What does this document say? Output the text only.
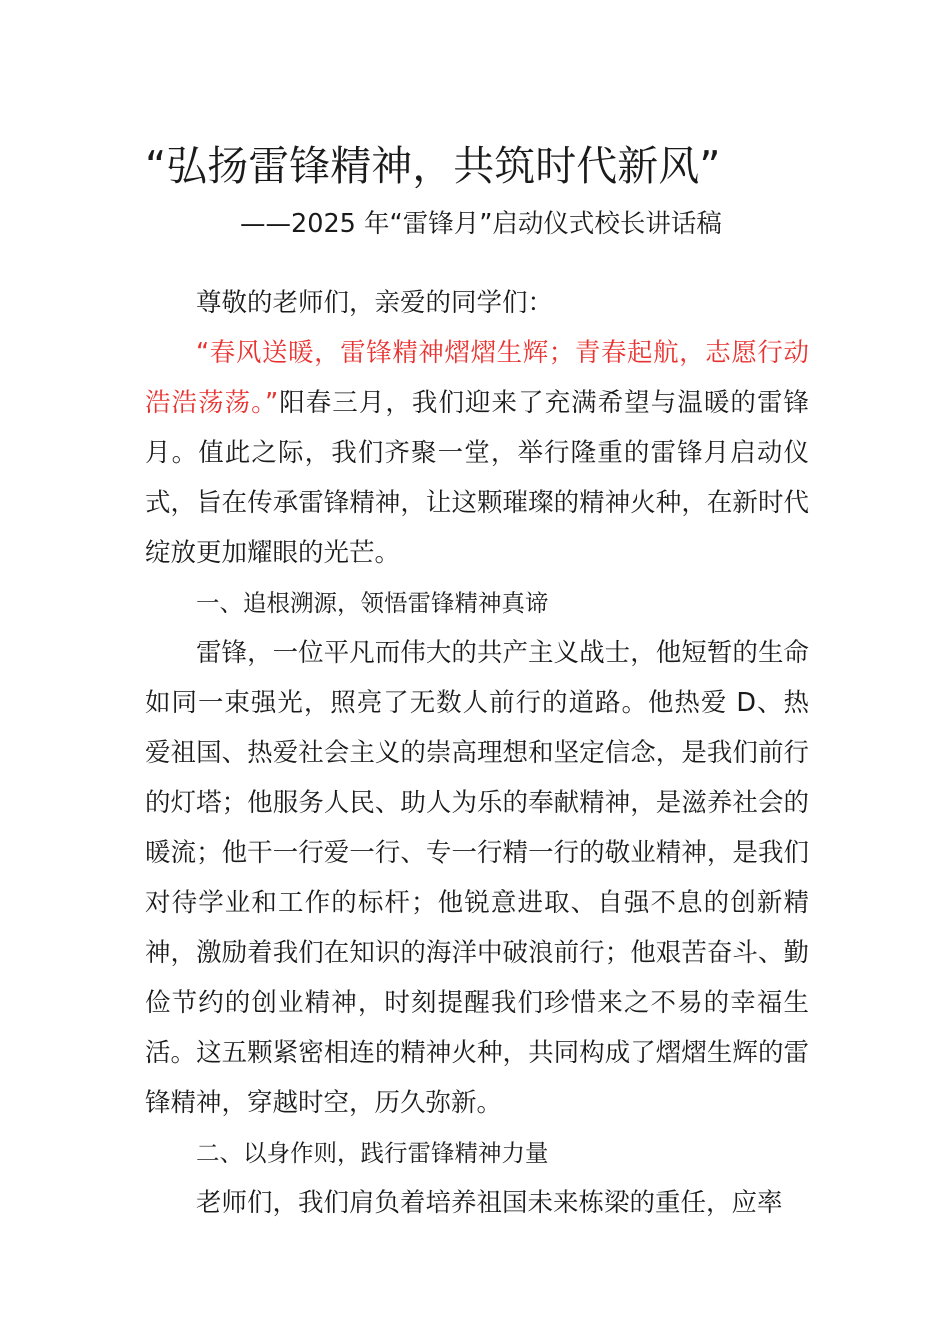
“弘扬雷锋精神，共筑时代新风”
——2025 年“雷锋月”启动仪式校长讲话稿

尊敬的老师们，亲爱的同学们：

“春风送暖，雷锋精神熠熠生辉；青春起航，志愿行动浩浩荡荡。”阳春三月，我们迎来了充满希望与温暖的雷锋月。值此之际，我们齐聚一堂，举行隆重的雷锋月启动仪式，旨在传承雷锋精神，让这颗璀璨的精神火种，在新时代绽放更加耀眼的光芒。

一、追根溯源，领悟雷锋精神真谛

雷锋，一位平凡而伟大的共产主义战士，他短暂的生命如同一束强光，照亮了无数人前行的道路。他热爱 D、热爱祖国、热爱社会主义的崇高理想和坚定信念，是我们前行的灯塔；他服务人民、助人为乐的奉献精神，是滋养社会的暖流；他干一行爱一行、专一行精一行的敬业精神，是我们对待学业和工作的标杆；他锐意进取、自强不息的创新精神，激励着我们在知识的海洋中破浪前行；他艰苦奋斗、勤俭节约的创业精神，时刻提醒我们珍惜来之不易的幸福生活。这五颗紧密相连的精神火种，共同构成了熠熠生辉的雷锋精神，穿越时空，历久弥新。

二、以身作则，践行雷锋精神力量

老师们，我们肩负着培养祖国未来栋梁的重任，应率
